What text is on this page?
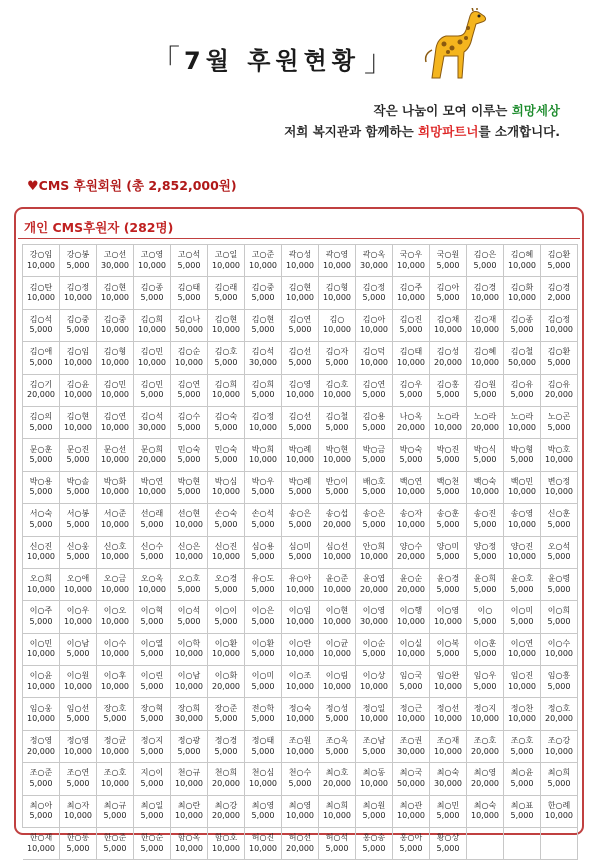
「 7월 후원현황 」
작은 나눔이 모여 이루는 희망세상
저희 복지관과 함께하는 희망파트너를 소개합니다.
♥CMS 후원회원 (총 2,852,000원)
개인 CMS후원자 (282명)
강○임
10,000
강○봉
5,000
고○선
30,000
고○영
10,000
고○석
5,000
고○일
10,000
고○준
10,000
곽○성
10,000
곽○영
10,000
곽○옥
30,000
국○우
10,000
국○원
5,000
김○은
5,000
김○혜
10,000
김○환
5,000
김○탄
10,000
김○정
10,000
김○현
10,000
김○종
5,000
김○태
5,000
김○래
5,000
김○중
5,000
김○현
10,000
김○형
10,000
김○정
5,000
김○주
10,000
김○아
5,000
김○경
10,000
김○화
10,000
김○경
2,000
김○석
5,000
김○중
5,000
김○중
10,000
김○희
10,000
김○나
50,000
김○현
10,000
김○현
5,000
김○연
5,000
김○
10,000
김○아
10,000
김○진
5,000
김○채
10,000
김○재
10,000
김○종
5,000
김○정
10,000
김○애
5,000
김○임
10,000
김○형
10,000
김○민
10,000
김○순
10,000
김○호
5,000
김○석
30,000
김○선
5,000
김○자
5,000
김○덕
10,000
김○태
10,000
김○성
20,000
김○혜
10,000
김○철
50,000
김○환
5,000
김○기
20,000
김○윤
10,000
김○민
10,000
김○민
5,000
김○연
5,000
김○희
10,000
김○희
5,000
김○영
10,000
김○호
10,000
김○연
5,000
김○우
5,000
김○홍
5,000
김○원
5,000
김○유
5,000
김○유
20,000
김○의
5,000
김○현
10,000
김○연
10,000
김○석
30,000
김○수
5,000
김○숙
5,000
김○정
10,000
김○선
5,000
김○철
5,000
김○용
5,000
나○옥
20,000
노○라
10,000
노○라
20,000
노○라
10,000
노○곤
5,000
문○훈
5,000
문○진
5,000
문○선
10,000
문○희
20,000
민○숙
5,000
민○숙
5,000
박○희
10,000
박○례
10,000
박○현
10,000
박○금
5,000
박○숙
5,000
박○진
5,000
박○식
5,000
박○형
5,000
박○호
10,000
박○용
5,000
박○솔
5,000
박○화
10,000
박○연
10,000
박○현
5,000
박○심
10,000
박○우
5,000
박○례
5,000
반○이
5,000
배○호
5,000
백○연
10,000
백○천
5,000
백○숙
10,000
백○민
10,000
변○정
10,000
서○숙
5,000
서○봉
5,000
서○준
10,000
선○래
5,000
선○현
10,000
손○숙
5,000
손○석
5,000
송○은
5,000
송○섭
20,000
송○은
5,000
송○자
10,000
송○훈
5,000
송○진
5,000
송○영
10,000
신○훈
5,000
신○진
10,000
신○웅
5,000
신○호
10,000
신○수
5,000
신○은
10,000
신○진
10,000
심○용
5,000
심○미
5,000
심○선
10,000
안○희
10,000
양○수
20,000
양○미
5,000
양○정
5,000
양○진
10,000
오○석
5,000
오○희
10,000
오○애
10,000
오○금
10,000
오○옥
10,000
오○호
5,000
오○경
5,000
유○도
5,000
유○아
10,000
윤○준
10,000
윤○엽
20,000
윤○순
20,000
윤○경
5,000
윤○희
5,000
윤○호
5,000
윤○령
5,000
이○주
5,000
이○우
10,000
이○오
10,000
이○혁
5,000
이○석
5,000
이○이
5,000
이○은
5,000
이○임
10,000
이○현
10,000
이○영
30,000
이○행
10,000
이○영
10,000
이○
5,000
이○미
5,000
이○희
5,000
이○민
10,000
이○남
5,000
이○수
10,000
이○열
5,000
이○학
10,000
이○환
10,000
이○환
5,000
이○란
10,000
이○균
10,000
이○순
5,000
이○실
10,000
이○복
5,000
이○훈
5,000
이○연
10,000
이○수
10,000
이○윤
10,000
이○원
10,000
이○후
10,000
이○린
5,000
이○남
10,000
이○화
20,000
이○미
5,000
이○조
10,000
이○림
10,000
이○상
10,000
임○국
5,000
임○완
10,000
임○우
5,000
임○진
10,000
임○흥
5,000
임○웅
10,000
임○선
5,000
장○호
5,000
장○혁
5,000
장○희
30,000
장○준
5,000
전○학
5,000
정○숙
10,000
정○성
5,000
정○일
10,000
정○근
10,000
정○선
10,000
정○지
10,000
정○찬
10,000
정○호
20,000
정○영
20,000
정○영
10,000
정○균
10,000
정○지
5,000
정○광
5,000
정○경
5,000
정○태
5,000
조○원
10,000
조○옥
5,000
조○남
5,000
조○권
30,000
조○재
10,000
조○호
20,000
조○호
5,000
조○강
10,000
조○준
5,000
조○연
5,000
조○호
10,000
지○이
5,000
천○규
10,000
천○희
20,000
천○심
10,000
천○수
5,000
최○호
20,000
최○동
10,000
최○국
50,000
최○숙
30,000
최○영
20,000
최○윤
5,000
최○희
5,000
최○아
5,000
최○자
10,000
최○규
5,000
최○일
5,000
최○란
10,000
최○강
20,000
최○영
5,000
최○영
10,000
최○희
10,000
최○원
5,000
최○관
10,000
최○민
5,000
최○숙
10,000
최○표
5,000
한○례
10,000
한○재
10,000
한○롱
5,000
한○준
5,000
한○순
5,000
함○옥
10,000
함○호
10,000
허○진
10,000
허○선
20,000
허○석
5,000
홍○송
5,000
홍○아
5,000
황○상
5,000
